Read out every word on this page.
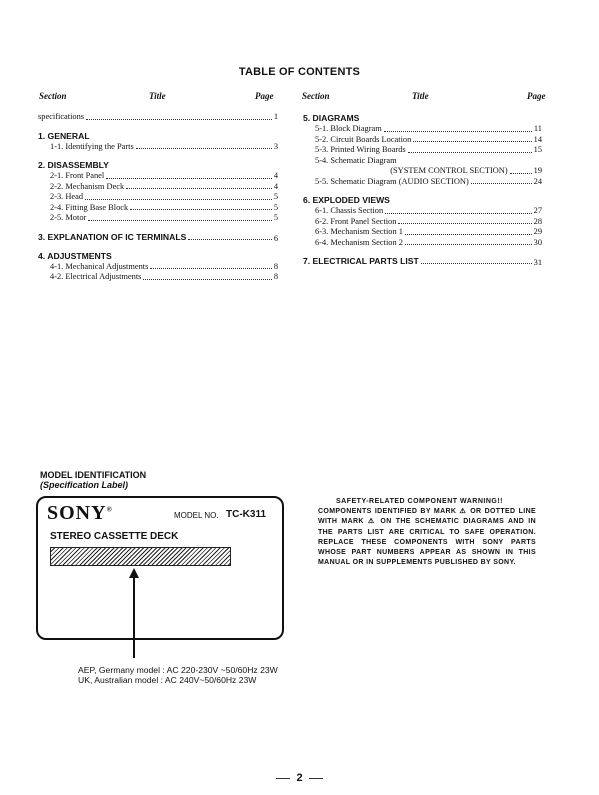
TABLE OF CONTENTS
Section	Title	Page	Section	Title	Page
specifications	1
1. GENERAL
1-1. Identifying the Parts	3
2. DISASSEMBLY
2-1. Front Panel	4
2-2. Mechanism Deck	4
2-3. Head	5
2-4. Fitting Base Block	5
2-5. Motor	5
3. EXPLANATION OF IC TERMINALS	6
4. ADJUSTMENTS
4-1. Mechanical Adjustments	8
4-2. Electrical Adjustments	8
5. DIAGRAMS
5-1. Block Diagram	11
5-2. Circuit Boards Location	14
5-3. Printed Wiring Boards	15
5-4. Schematic Diagram
(SYSTEM CONTROL SECTION)	19
5-5. Schematic Diagram (AUDIO SECTION)	24
6. EXPLODED VIEWS
6-1. Chassis Section	27
6-2. Front Panel Section	28
6-3. Mechanism Section 1	29
6-4. Mechanism Section 2	30
7. ELECTRICAL PARTS LIST	31
MODEL IDENTIFICATION
(Specification Label)
SONY®
MODEL NO. TC-K311
STEREO CASSETTE DECK
AEP, Germany model : AC 220-230V ~50/60Hz 23W
UK, Australian model : AC 240V~50/60Hz 23W
SAFETY-RELATED COMPONENT WARNING!!
COMPONENTS IDENTIFIED BY MARK ⚠ OR DOTTED LINE WITH MARK ⚠ ON THE SCHEMATIC DIAGRAMS AND IN THE PARTS LIST ARE CRITICAL TO SAFE OPERATION. REPLACE THESE COMPONENTS WITH SONY PARTS WHOSE PART NUMBERS APPEAR AS SHOWN IN THIS MANUAL OR IN SUPPLEMENTS PUBLISHED BY SONY.
2
